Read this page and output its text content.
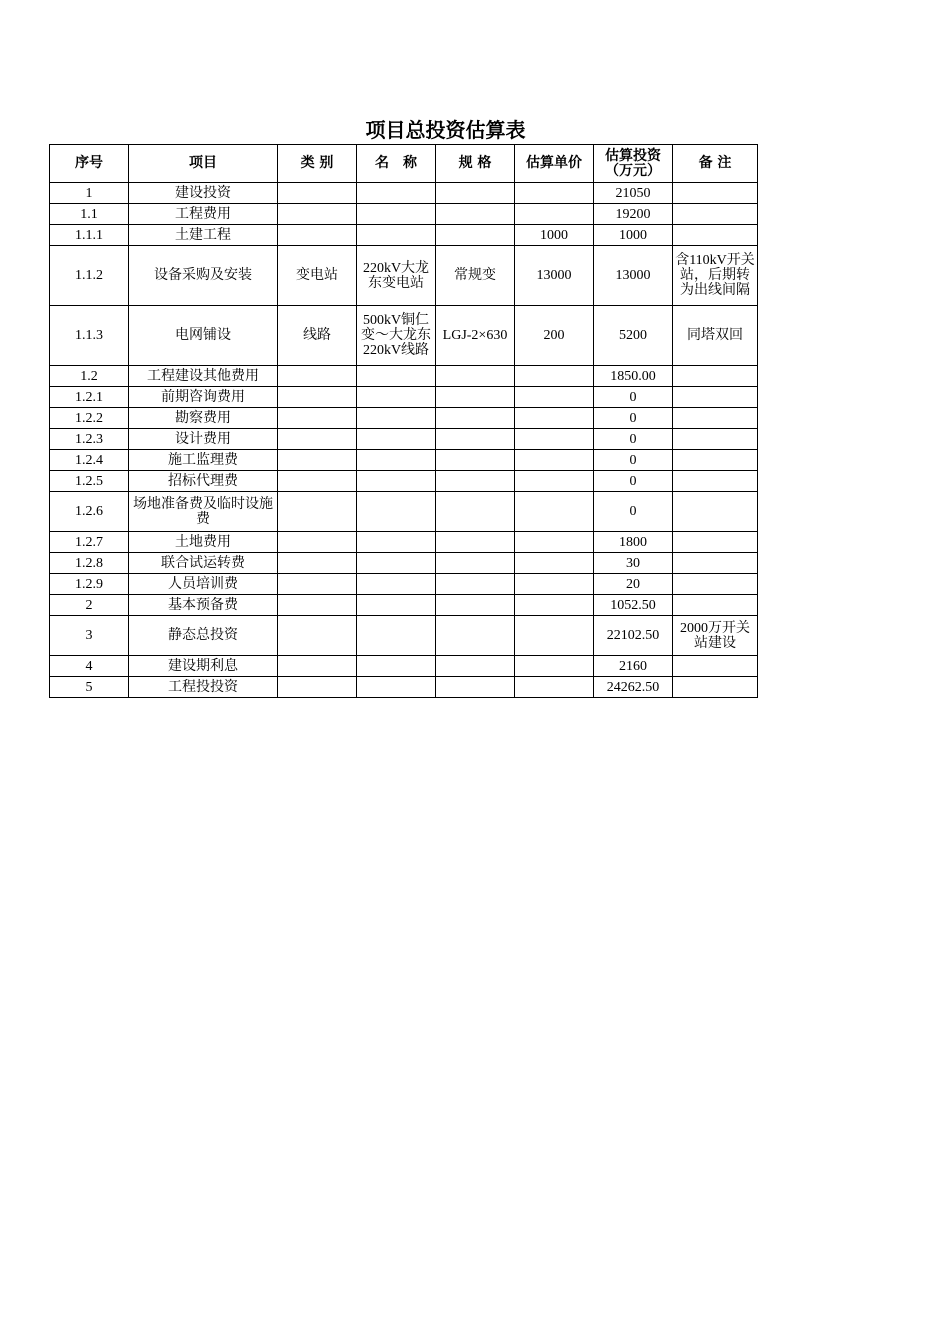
项目总投资估算表
序号	项目	类 别	名　称	规 格	估算单价	估算投资（万元）	备 注
1	建设投资					21050	
1.1	工程费用					19200	
1.1.1	土建工程				1000	1000	
1.1.2	设备采购及安装	变电站	220kV大龙东变电站	常规变	13000	13000	含110kV开关站，后期转为出线间隔
1.1.3	电网铺设	线路	500kV铜仁变～大龙东220kV线路	LGJ-2×630	200	5200	同塔双回
1.2	工程建设其他费用					1850.00	
1.2.1	前期咨询费用					0	
1.2.2	勘察费用					0	
1.2.3	设计费用					0	
1.2.4	施工监理费					0	
1.2.5	招标代理费					0	
1.2.6	场地准备费及临时设施费					0	
1.2.7	土地费用					1800	
1.2.8	联合试运转费					30	
1.2.9	人员培训费					20	
2	基本预备费					1052.50	
3	静态总投资					22102.50	2000万开关站建设
4	建设期利息					2160	
5	工程投投资					24262.50	
